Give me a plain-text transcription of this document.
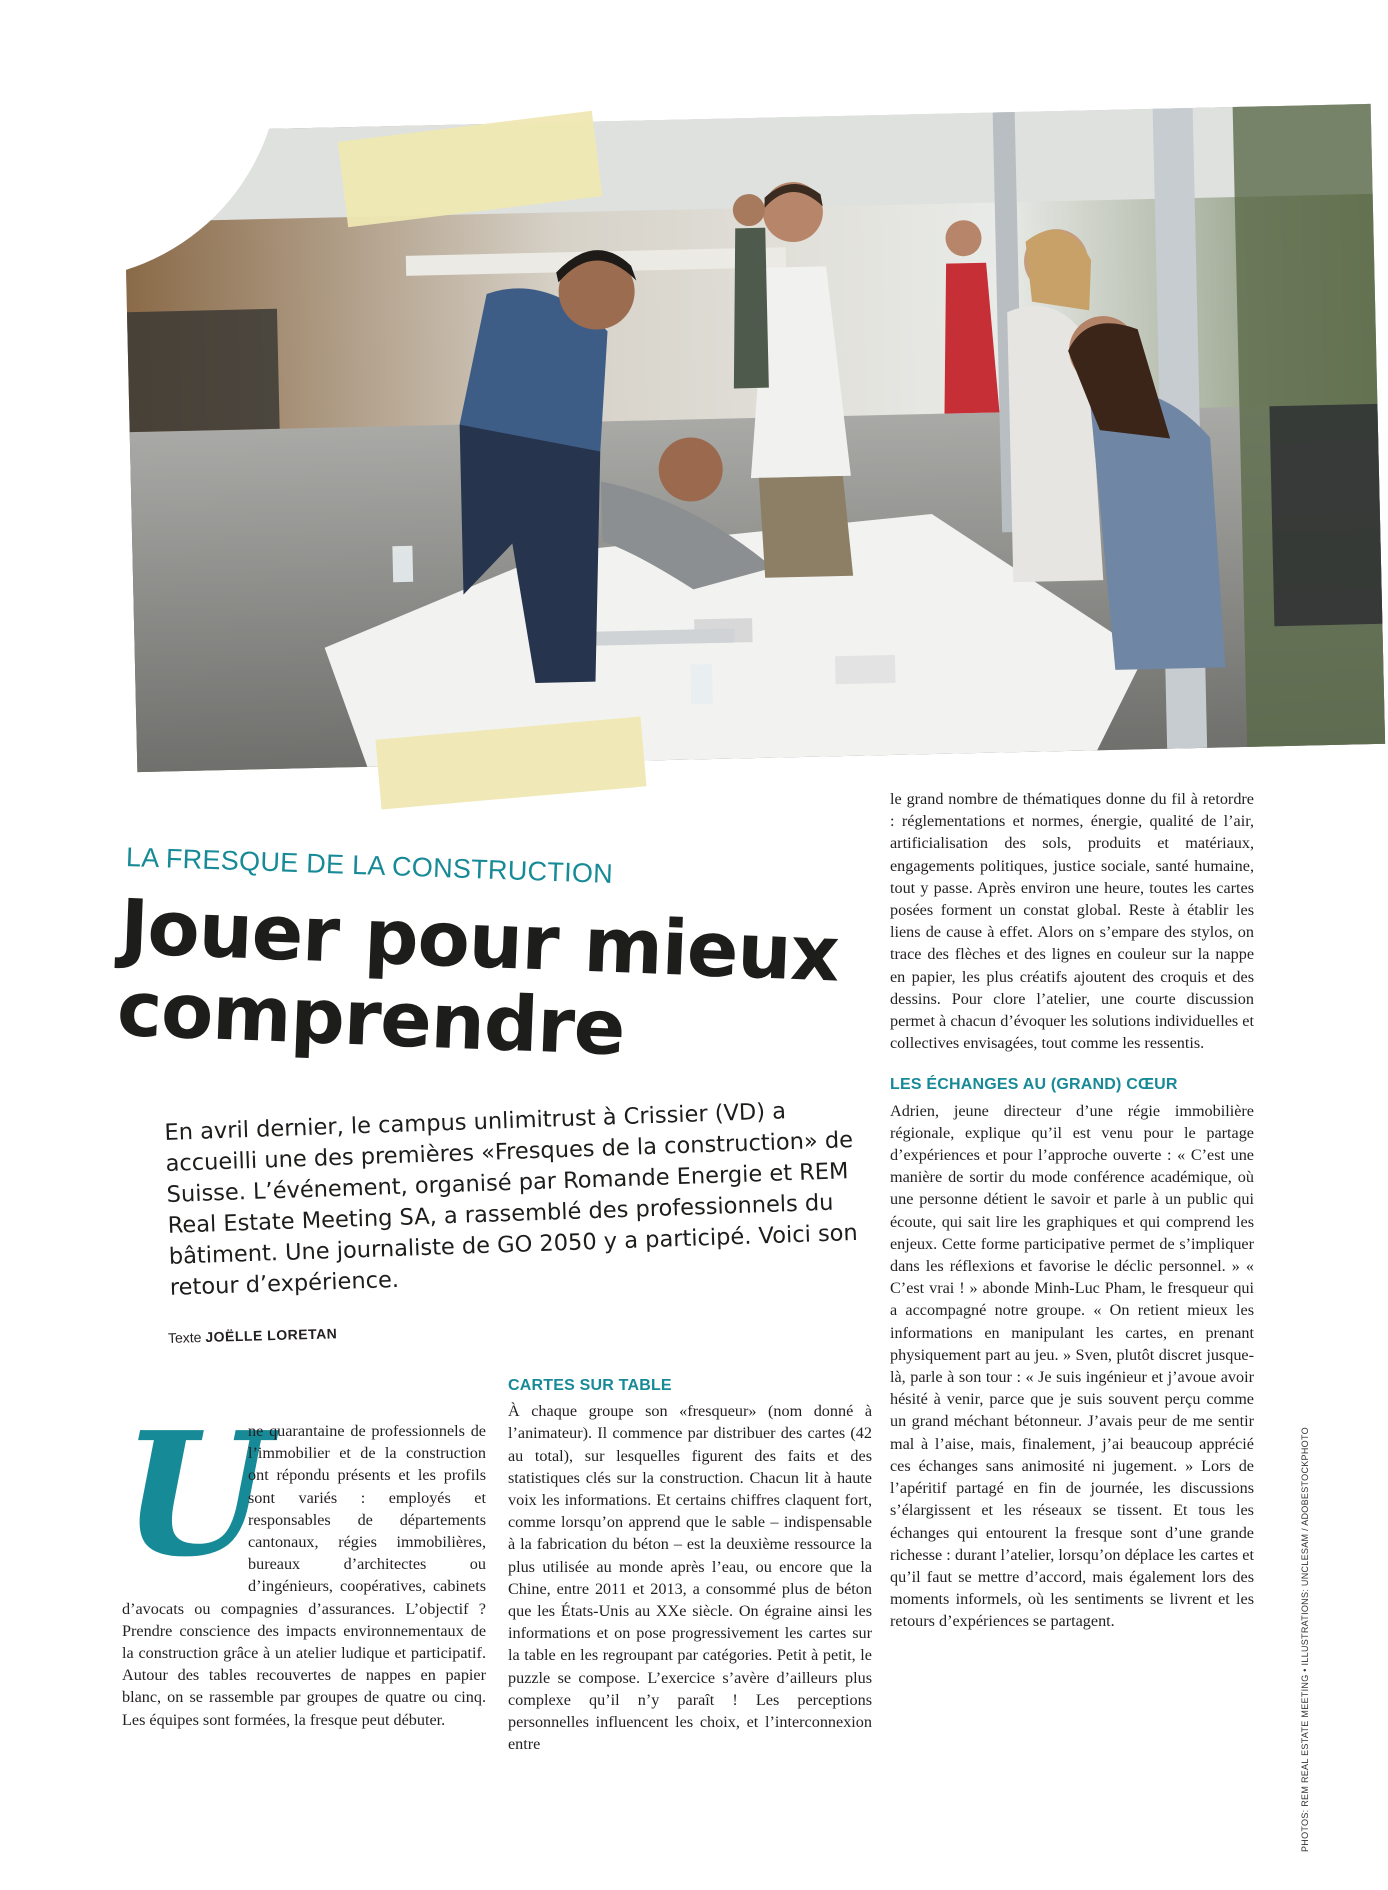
LA FRESQUE DE LA CONSTRUCTION
Jouer pour mieux comprendre
En avril dernier, le campus unlimitrust à Crissier (VD) a accueilli une des premières «Fresques de la construction» de Suisse. L’événement, organisé par Romande Energie et REM Real Estate Meeting SA, a rassemblé des professionnels du bâtiment. Une journaliste de GO 2050 y a participé. Voici son retour d’expérience.
Texte JOËLLE LORETAN
U

ne quarantaine de professionnels de l’immobilier et de la construction ont répondu présents et les profils sont variés : employés et responsables de départements cantonaux, régies immobilières, bureaux d’architectes ou d’ingénieurs, coopératives, cabinets d’avocats ou compagnies d’assurances. L’objectif ? Prendre conscience des impacts environnementaux de la construction grâce à un atelier ludique et participatif. Autour des tables recouvertes de nappes en papier blanc, on se rassemble par groupes de quatre ou cinq. Les équipes sont formées, la fresque peut débuter.

CARTES SUR TABLE

À chaque groupe son «fresqueur» (nom donné à l’animateur). Il commence par distribuer des cartes (42 au total), sur lesquelles figurent des faits et des statistiques clés sur la construction. Chacun lit à haute voix les informations. Et certains chiffres claquent fort, comme lorsqu’on apprend que le sable – indispensable à la fabrication du béton – est la deuxième ressource la plus utilisée au monde après l’eau, ou encore que la Chine, entre 2011 et 2013, a consommé plus de béton que les États-Unis au XXe siècle. On égraine ainsi les informations et on pose progressivement les cartes sur la table en les regroupant par catégories. Petit à petit, le puzzle se compose. L’exercice s’avère d’ailleurs plus complexe qu’il n’y paraît ! Les perceptions personnelles influencent les choix, et l’interconnexion entre

le grand nombre de thématiques donne du fil à retordre : réglementations et normes, énergie, qualité de l’air, artificialisation des sols, produits et matériaux, engagements politiques, justice sociale, santé humaine, tout y passe. Après environ une heure, toutes les cartes posées forment un constat global. Reste à établir les liens de cause à effet. Alors on s’empare des stylos, on trace des flèches et des lignes en couleur sur la nappe en papier, les plus créatifs ajoutent des croquis et des dessins. Pour clore l’atelier, une courte discussion permet à chacun d’évoquer les solutions individuelles et collectives envisagées, tout comme les ressentis.

LES ÉCHANGES AU (GRAND) CŒUR

Adrien, jeune directeur d’une régie immobilière régionale, explique qu’il est venu pour le partage d’expériences et pour l’approche ouverte : « C’est une manière de sortir du mode conférence académique, où une personne détient le savoir et parle à un public qui écoute, qui sait lire les graphiques et qui comprend les enjeux. Cette forme participative permet de s’impliquer dans les réflexions et favorise le déclic personnel. » « C’est vrai ! » abonde Minh-Luc Pham, le fresqueur qui a accompagné notre groupe. « On retient mieux les informations en manipulant les cartes, en prenant physiquement part au jeu. » Sven, plutôt discret jusque-là, parle à son tour : « Je suis ingénieur et j’avoue avoir hésité à venir, parce que je suis souvent perçu comme un grand méchant bétonneur. J’avais peur de me sentir mal à l’aise, mais, finalement, j’ai beaucoup apprécié ces échanges sans animosité ni jugement. » Lors de l’apéritif partagé en fin de journée, les discussions s’élargissent et les réseaux se tissent. Et tous les échanges qui entourent la fresque sont d’une grande richesse : durant l’atelier, lorsqu’on déplace les cartes et qu’il faut se mettre d’accord, mais également lors des moments informels, où les sentiments se livrent et les retours d’expériences se partagent.	PHOTOS: REM REAL ESTATE MEETING • ILLUSTRATIONS: UNCLESAM / ADOBESTOCKPHOTO
